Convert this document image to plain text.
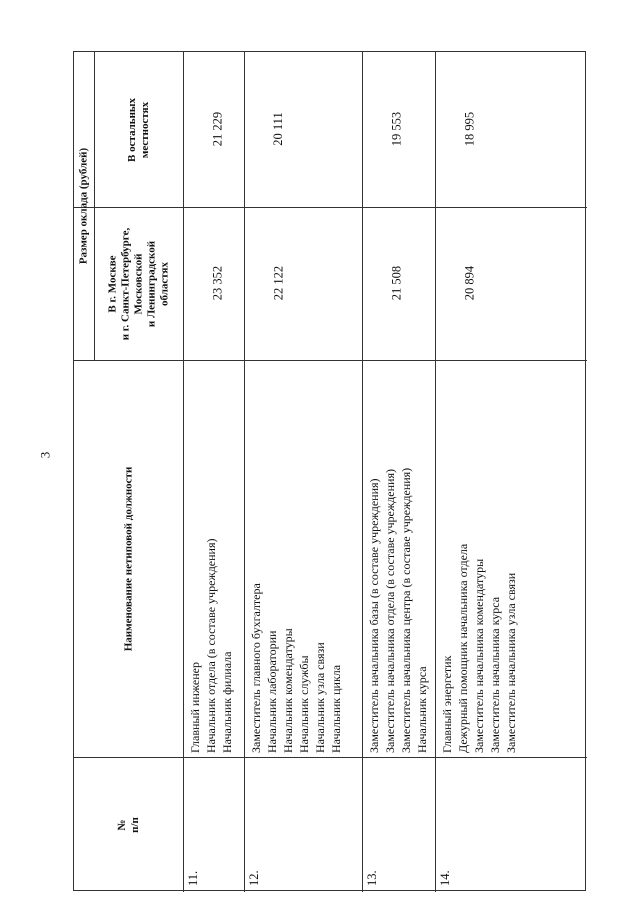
3
№
п/п
Наименование нетиповой должности
Размер оклада (рублей)
В г. Москве
и г. Санкт-Петербурге,
Московской
и Ленинградской
областях
В остальных
местностях
11.
Главный инженер Начальник отдела (в составе учреждения) Начальник филиала
23 352
21 229
12.
Заместитель главного бухгалтера Начальник лаборатории Начальник комендатуры Начальник службы Начальник узла связи Начальник цикла
22 122
20 111
13.
Заместитель начальника базы (в составе учреждения) Заместитель начальника отдела (в составе учреждения) Заместитель начальника центра (в составе учреждения) Начальник курса
21 508
19 553
14.
Главный энергетик Дежурный помощник начальника отдела Заместитель начальника комендатуры Заместитель начальника курса Заместитель начальника узла связи
20 894
18 995
